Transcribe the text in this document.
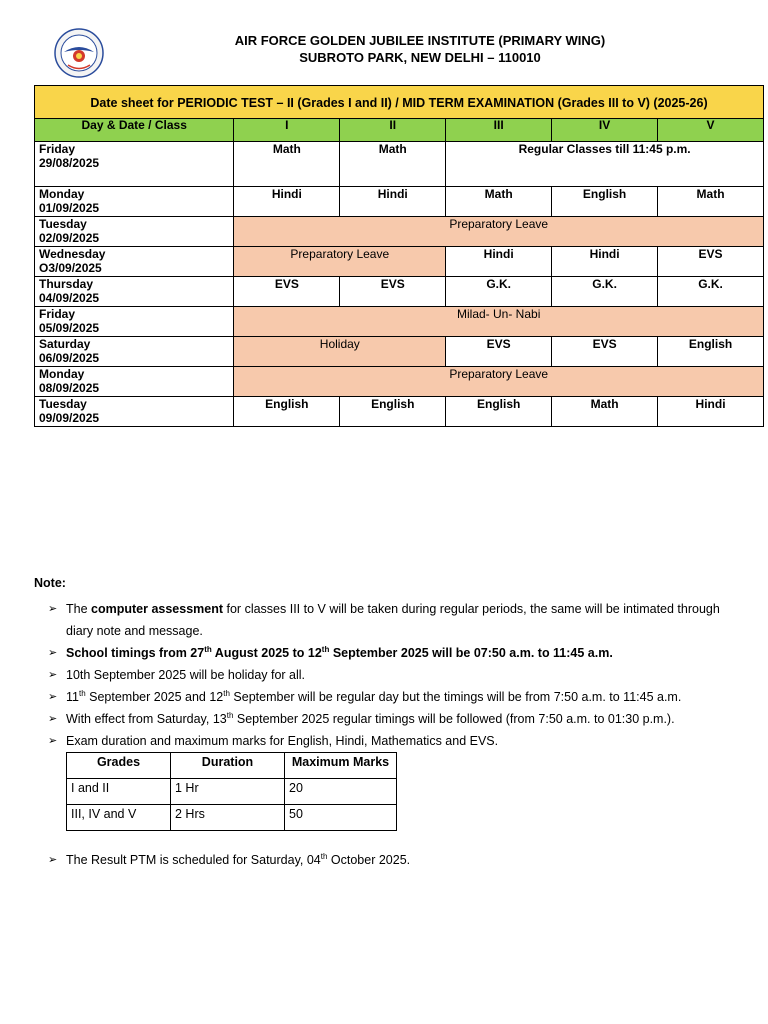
AIR FORCE GOLDEN JUBILEE INSTITUTE (PRIMARY WING)
SUBROTO PARK, NEW DELHI – 110010
Date sheet for PERIODIC TEST – II (Grades I and II) / MID TERM EXAMINATION (Grades III to V) (2025-26)					
Day & Date / Class	I	II	III	IV	V
Friday
29/08/2025	Math	Math	Regular Classes till 11:45 p.m.		
Monday
01/09/2025	Hindi	Hindi	Math	English	Math
Tuesday
02/09/2025	Preparatory Leave				
Wednesday
O3/09/2025	Preparatory Leave		Hindi	Hindi	EVS
Thursday
04/09/2025	EVS	EVS	G.K.	G.K.	G.K.
Friday
05/09/2025	Milad- Un- Nabi				
Saturday
06/09/2025	Holiday		EVS	EVS	English
Monday
08/09/2025	Preparatory Leave				
Tuesday
09/09/2025	English	English	English	Math	Hindi
Note:
➢ The computer assessment for classes III to V will be taken during regular periods, the same will be intimated through diary note and message.
➢ School timings from 27th August 2025 to 12th September 2025 will be 07:50 a.m. to 11:45 a.m.
➢ 10th September 2025 will be holiday for all.
➢ 11th September 2025 and 12th September will be regular day but the timings will be from 7:50 a.m. to 11:45 a.m.
➢ With effect from Saturday, 13th September 2025 regular timings will be followed (from 7:50 a.m. to 01:30 p.m.).
➢ Exam duration and maximum marks for English, Hindi, Mathematics and EVS.
Grades	Duration	Maximum Marks
I and II	1 Hr	20
III, IV and V	2 Hrs	50
➢ The Result PTM is scheduled for Saturday, 04th October 2025.
